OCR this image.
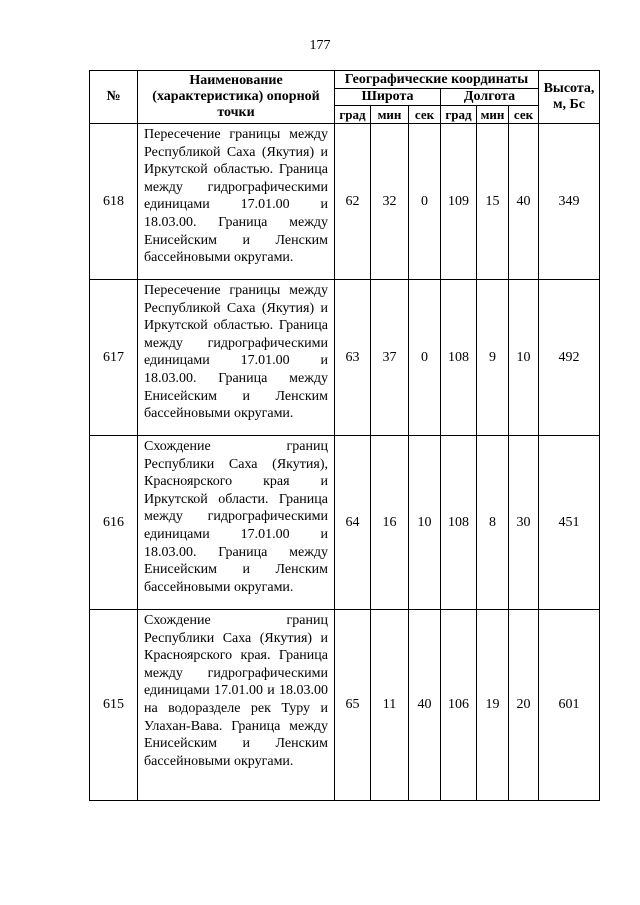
177
№	Наименование (характеристика) опорной точки	Географические координаты						Высота, м, Бс
		Широта			Долгота			
		град	мин	сек	град	мин	сек	
618	Пересечение границы между Республикой Саха (Якутия) и Иркутской областью. Граница между гидрографическими единицами 17.01.00 и 18.03.00. Граница между Енисейским и Ленским бассейновыми округами.	62	32	0	109	15	40	349
617	Пересечение границы между Республикой Саха (Якутия) и Иркутской областью. Граница между гидрографическими единицами 17.01.00 и 18.03.00. Граница между Енисейским и Ленским бассейновыми округами.	63	37	0	108	9	10	492
616	Схождение границ Республики Саха (Якутия), Красноярского края и Иркутской области. Граница между гидрографическими единицами 17.01.00 и 18.03.00. Граница между Енисейским и Ленским бассейновыми округами.	64	16	10	108	8	30	451
615	Схождение границ Республики Саха (Якутия) и Красноярского края. Граница между гидрографическими единицами 17.01.00 и 18.03.00 на водоразделе рек Туру и Улахан-Вава. Граница между Енисейским и Ленским бассейновыми округами.	65	11	40	106	19	20	601
